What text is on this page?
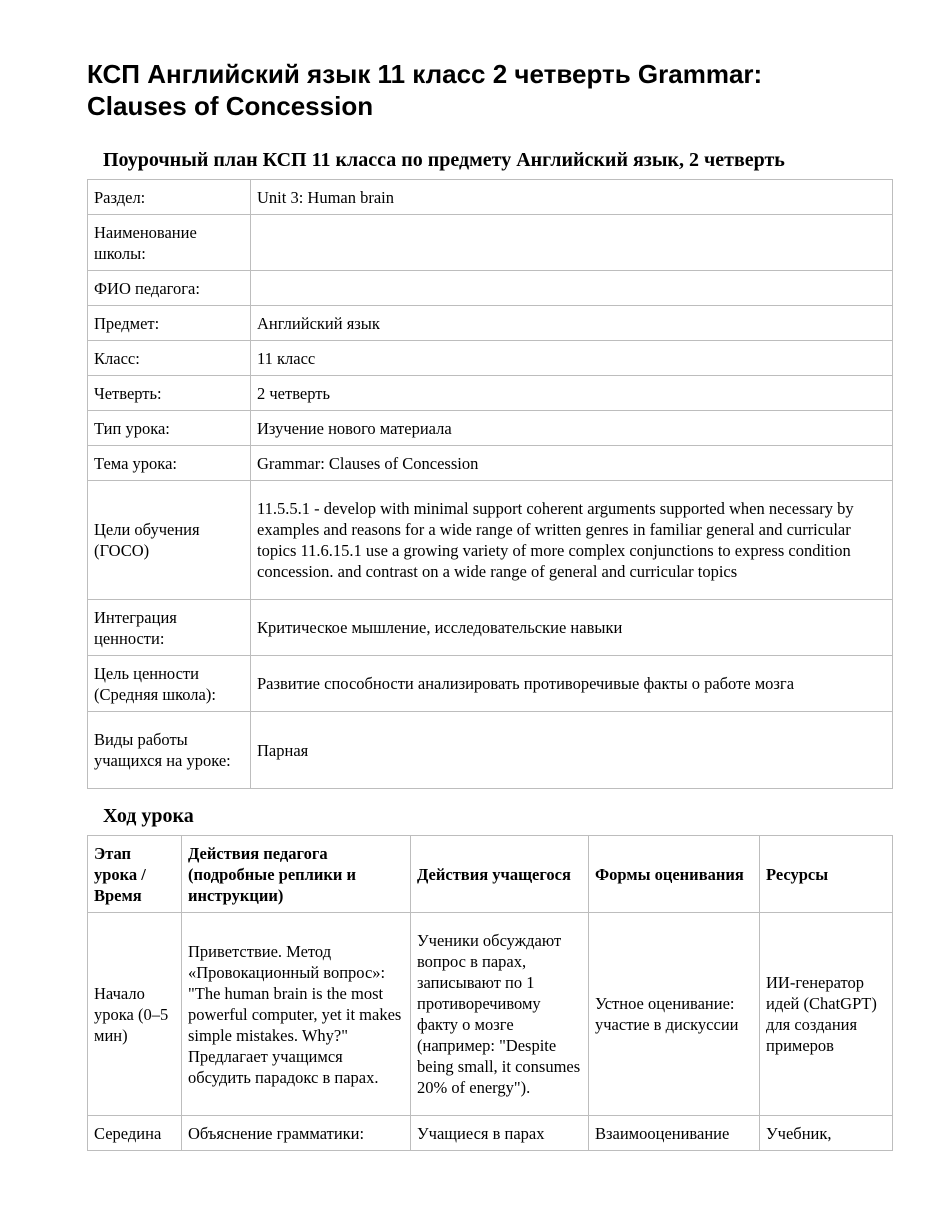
КСП Английский язык 11 класс 2 четверть Grammar: Clauses of Concession
Поурочный план КСП 11 класса по предмету Английский язык, 2 четверть
Раздел:	Unit 3: Human brain
Наименование школы:	
ФИО педагога:	
Предмет:	Английский язык
Класс:	11 класс
Четверть:	2 четверть
Тип урока:	Изучение нового материала
Тема урока:	Grammar: Clauses of Concession
Цели обучения (ГОСО)	11.5.5.1 - develop with minimal support coherent arguments supported when necessary by examples and reasons for a wide range of written genres in familiar general and curricular topics 11.6.15.1 use a growing variety of more complex conjunctions to express condition concession. and contrast on a wide range of general and curricular topics
Интеграция ценности:	Критическое мышление, исследовательские навыки
Цель ценности (Средняя школа):	Развитие способности анализировать противоречивые факты о работе мозга
Виды работы учащихся на уроке:	Парная
Ход урока
Этап урока / Время	Действия педагога (подробные реплики и инструкции)	Действия учащегося	Формы оценивания	Ресурсы
Начало урока (0–5 мин)	Приветствие. Метод «Провокационный вопрос»: "The human brain is the most powerful computer, yet it makes simple mistakes. Why?" Предлагает учащимся обсудить парадокс в парах.	Ученики обсуждают вопрос в парах, записывают по 1 противоречивому факту о мозге (например: "Despite being small, it consumes 20% of energy").	Устное оценивание: участие в дискуссии	ИИ-генератор идей (ChatGPT) для создания примеров
Середина	Объяснение грамматики:	Учащиеся в парах	Взаимооценивание	Учебник,
